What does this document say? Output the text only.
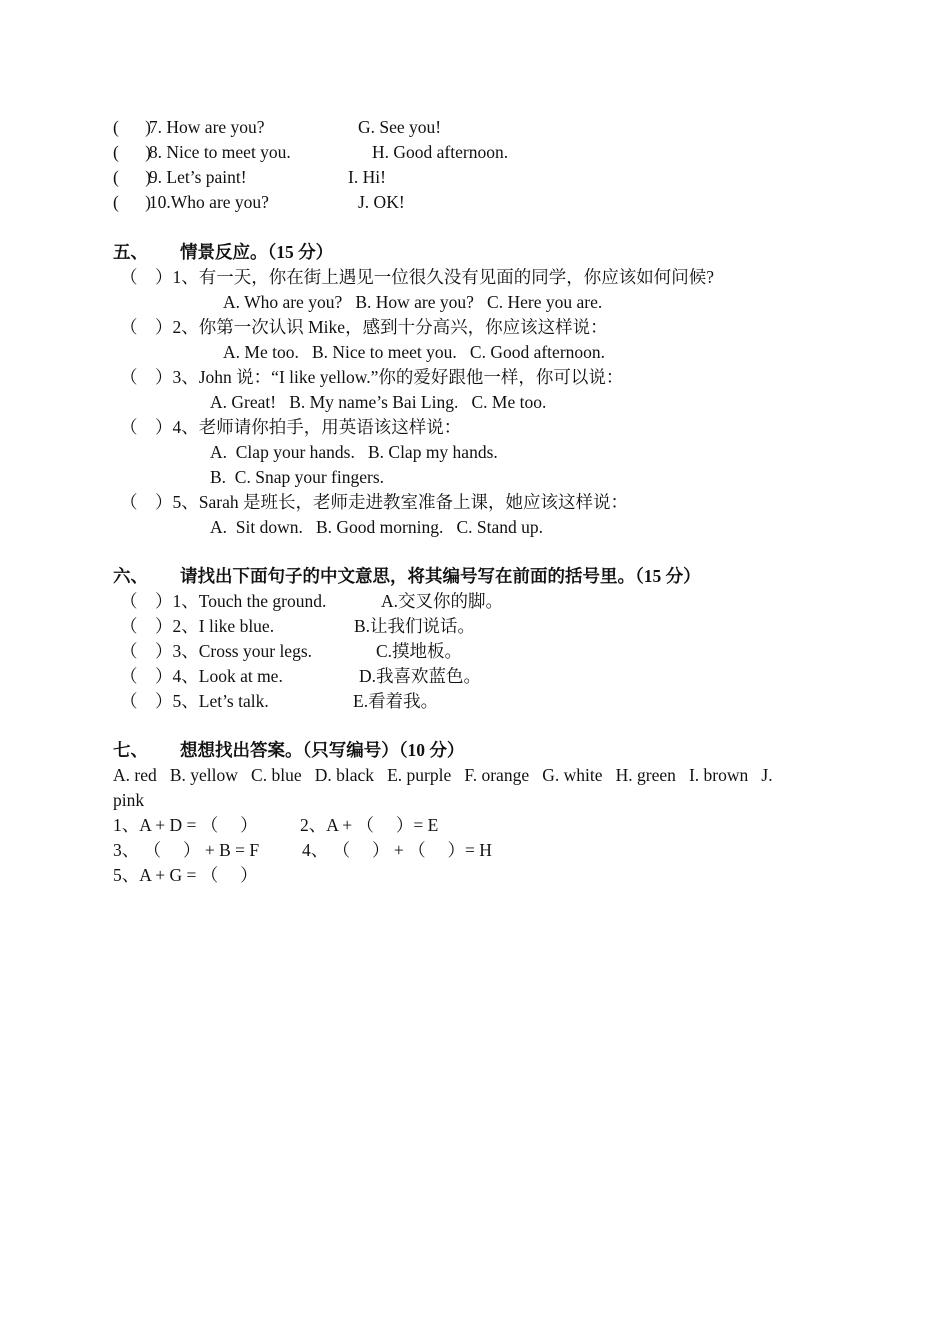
(      )7. How are you?	G. See you!
(      )8. Nice to meet you.	H. Good afternoon.
(      )9. Let’s paint!	I. Hi!
(      )10.Who are you?	J. OK!
五、 情景反应。（15 分）
（    ）1、有一天，你在街上遇见一位很久没有见面的同学，你应该如何问候?
A. Who are you?   B. How are you?   C. Here you are.
（    ）2、你第一次认识 Mike，感到十分高兴，你应该这样说：
A. Me too.   B. Nice to meet you.   C. Good afternoon.
（    ）3、John 说：“I like yellow.”你的爱好跟他一样，你可以说：
A. Great!   B. My name’s Bai Ling.   C. Me too.
（    ）4、老师请你拍手，用英语该这样说：
A.  Clap your hands.   B. Clap my hands.
B.  C. Snap your fingers.
（    ）5、Sarah 是班长，老师走进教室准备上课，她应该这样说：
A.  Sit down.   B. Good morning.   C. Stand up.
六、 请找出下面句子的中文意思，将其编号写在前面的括号里。（15 分）
（    ）1、Touch the ground.	A.交叉你的脚。
（    ）2、I like blue.	B.让我们说话。
（    ）3、Cross your legs.	C.摸地板。
（    ）4、Look at me.	D.我喜欢蓝色。
（    ）5、Let’s talk.	E.看着我。
七、 想想找出答案。（只写编号）（10 分）
A. red   B. yellow   C. blue   D. black   E. purple   F. orange   G. white   H. green   I. brown   J.
pink
1、A + D = （     ） 2、A + （     ）= E
3、 （     ） + B = F 4、 （     ） + （     ）= H
5、A + G = （     ）
